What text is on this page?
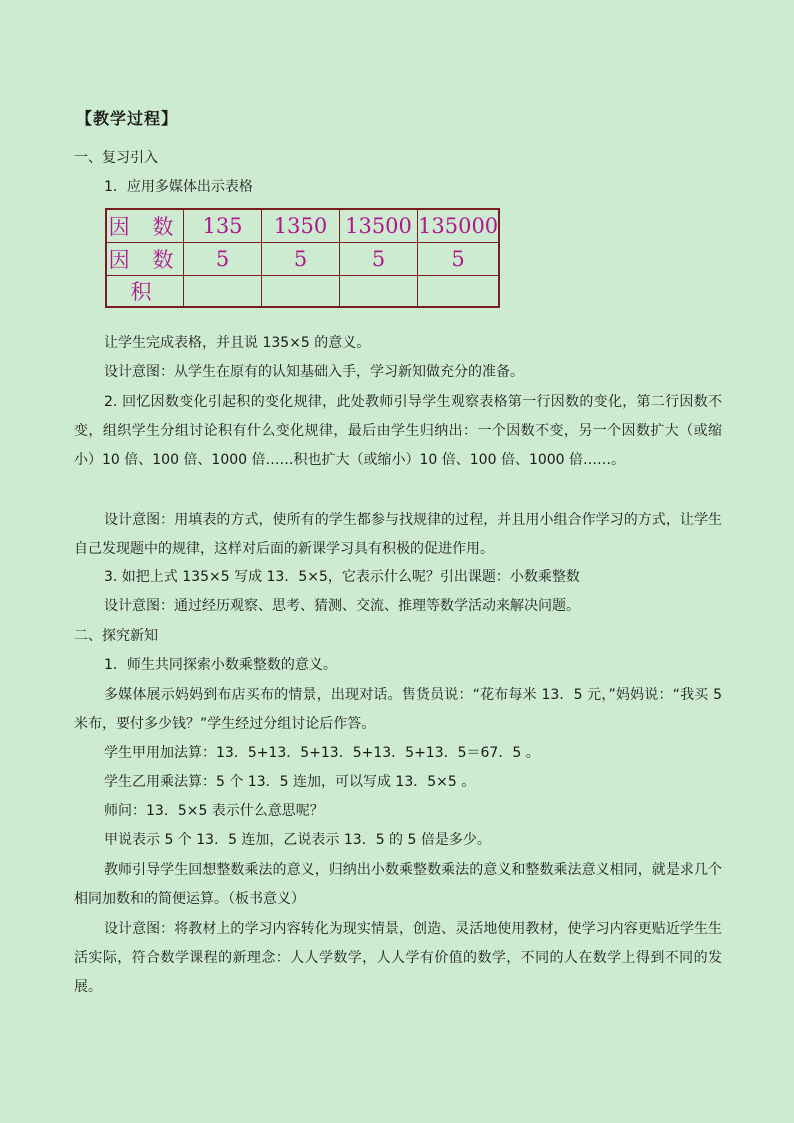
【教学过程】
一、复习引入
1．应用多媒体出示表格
因 数	135	1350	13500	135000
因 数	5	5	5	5
积				
让学生完成表格，并且说 135×5 的意义。
设计意图：从学生在原有的认知基础入手，学习新知做充分的准备。
2. 回忆因数变化引起积的变化规律，此处教师引导学生观察表格第一行因数的变化，第二行因数不变，组织学生分组讨论积有什么变化规律，最后由学生归纳出：一个因数不变，另一个因数扩大（或缩小）10 倍、100 倍、1000 倍……积也扩大（或缩小）10 倍、100 倍、1000 倍……。
设计意图：用填表的方式，使所有的学生都参与找规律的过程，并且用小组合作学习的方式，让学生自己发现题中的规律，这样对后面的新课学习具有积极的促进作用。
3. 如把上式 135×5 写成 13．5×5，它表示什么呢？引出课题：小数乘整数
设计意图：通过经历观察、思考、猜测、交流、推理等数学活动来解决问题。
二、探究新知
1．师生共同探索小数乘整数的意义。
多媒体展示妈妈到布店买布的情景，出现对话。售货员说：“花布每米 13．5 元，”妈妈说：“我买 5 米布，要付多少钱？”学生经过分组讨论后作答。
学生甲用加法算：13．5+13．5+13．5+13．5+13．5＝67．5 。
学生乙用乘法算：5 个 13．5 连加，可以写成 13．5×5 。
师问：13．5×5 表示什么意思呢？
甲说表示 5 个 13．5 连加，乙说表示 13．5 的 5 倍是多少。
教师引导学生回想整数乘法的意义，归纳出小数乘整数乘法的意义和整数乘法意义相同，就是求几个相同加数和的简便运算。（板书意义）
设计意图：将教材上的学习内容转化为现实情景，创造、灵活地使用教材，使学习内容更贴近学生生活实际，符合数学课程的新理念：人人学数学，人人学有价值的数学，不同的人在数学上得到不同的发展。
